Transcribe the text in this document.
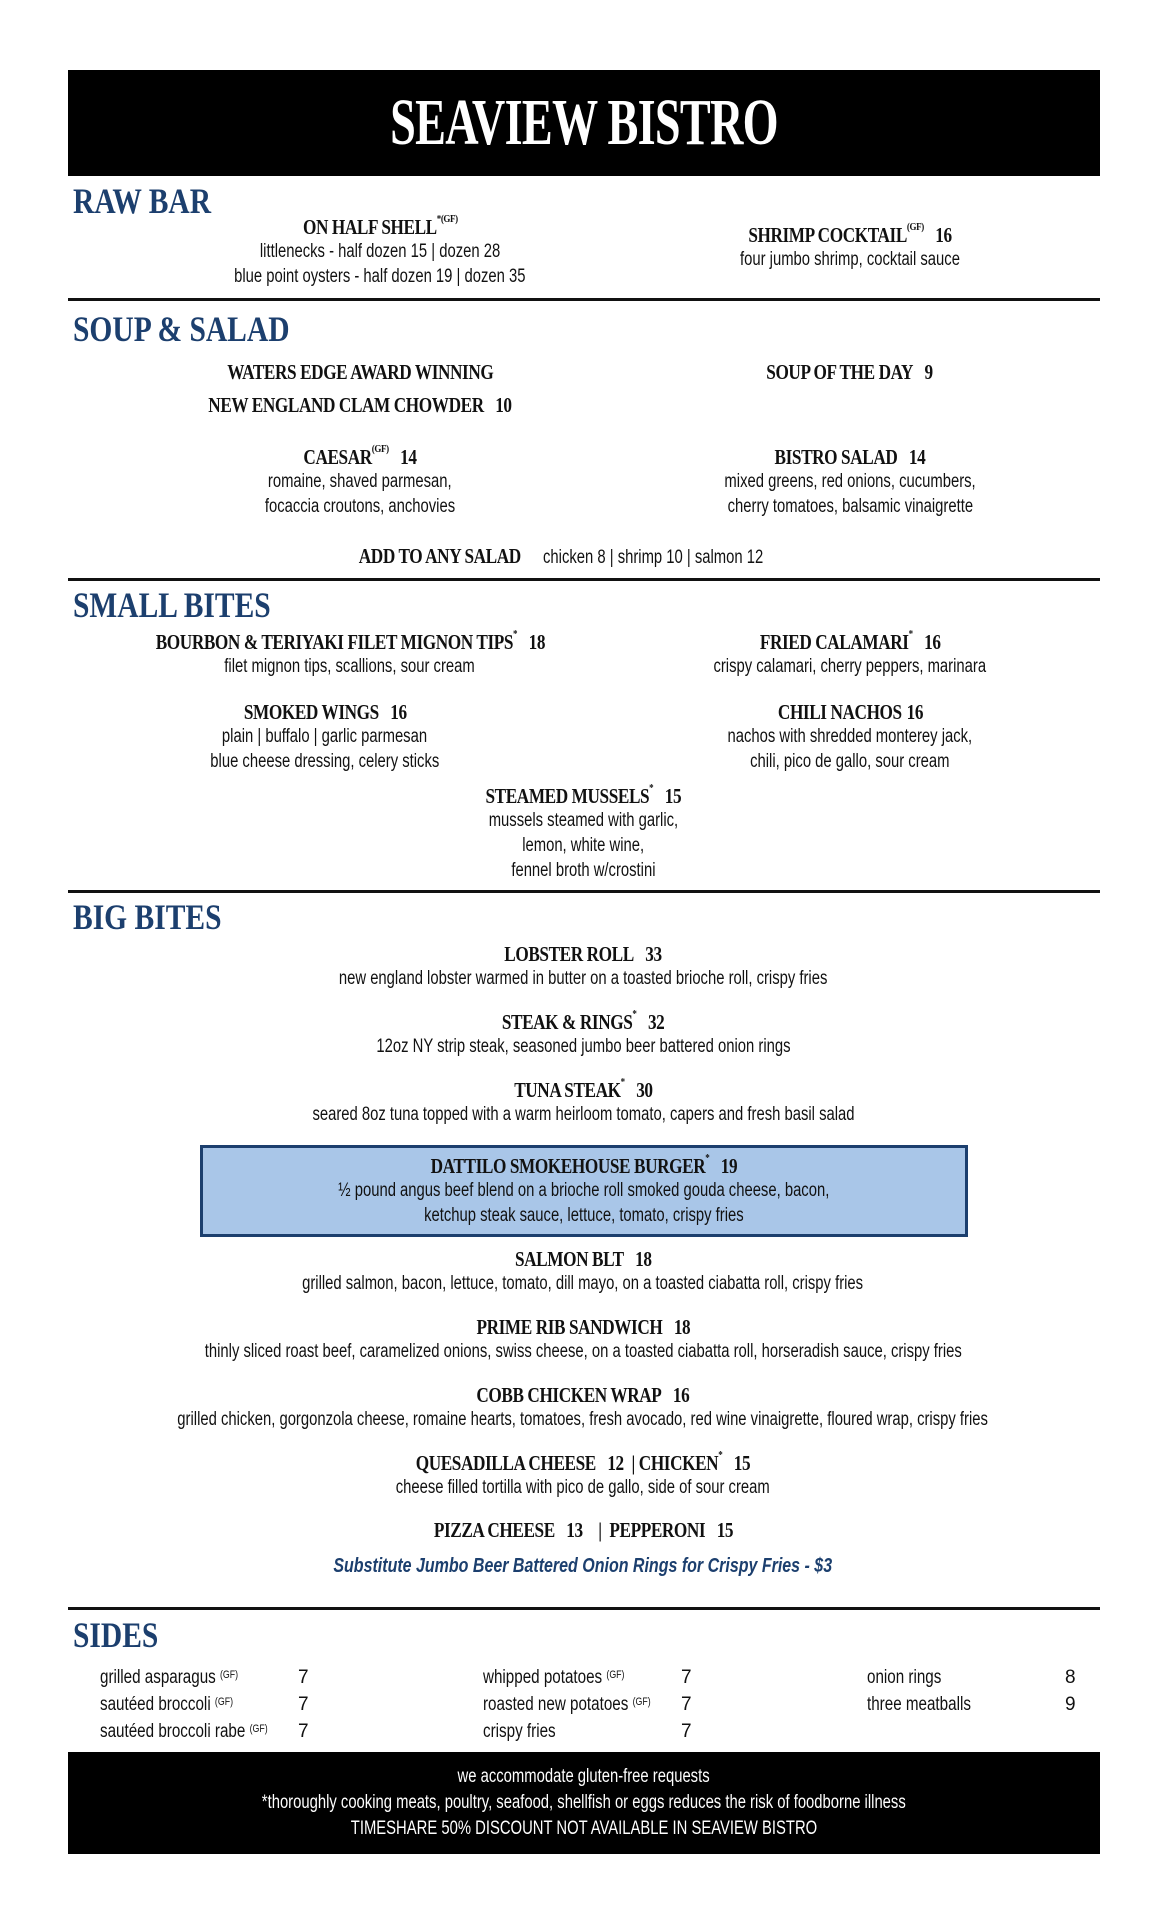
SEAVIEW BISTRO
RAW BAR
ON HALF $SHELL^{*(GF)}$
littlenecks - half dozen 15 | dozen 28
blue point oysters - half dozen 19 | dozen 35
SHRIMP $COCKTAIL^{(GF)}$ 16
four jumbo shrimp, cocktail sauce
SOUP & SALAD
WATERS EDGE AWARD WINNING
NEW ENGLAND CLAM CHOWDER 10
SOUP OF THE DAY 9
$CAESAR^{(GF)}$ 14
romaine, shaved parmesan,
focaccia croutons, anchovies
BISTRO SALAD 14
mixed greens, red onions, cucumbers,
cherry tomatoes, balsamic vinaigrette
ADD TO ANY SALAD chicken 8 | shrimp 10 | salmon 12
SMALL BITES
BOURBON & TERIYAKI FILET MIGNON TIPS* 18
filet mignon tips, scallions, sour cream
FRIED CALAMARI* 16
crispy calamari, cherry peppers, marinara
SMOKED WINGS 16
plain | buffalo | garlic parmesan
blue cheese dressing, celery sticks
CHILI NACHOS 16
nachos with shredded monterey jack,
chili, pico de gallo, sour cream
STEAMED MUSSELS* 15
mussels steamed with garlic,
lemon, white wine,
fennel broth w/crostini
BIG BITES
LOBSTER ROLL 33
new england lobster warmed in butter on a toasted brioche roll, crispy fries
STEAK & RINGS* 32
12oz NY strip steak, seasoned jumbo beer battered onion rings
TUNA STEAK* 30
seared 8oz tuna topped with a warm heirloom tomato, capers and fresh basil salad
DATTILO SMOKEHOUSE BURGER* 19
½ pound angus beef blend on a brioche roll smoked gouda cheese, bacon,
ketchup steak sauce, lettuce, tomato, crispy fries
SALMON BLT 18
grilled salmon, bacon, lettuce, tomato, dill mayo, on a toasted ciabatta roll, crispy fries
PRIME RIB SANDWICH 18
thinly sliced roast beef, caramelized onions, swiss cheese, on a toasted ciabatta roll, horseradish sauce, crispy fries
COBB CHICKEN WRAP 16
grilled chicken, gorgonzola cheese, romaine hearts, tomatoes, fresh avocado, red wine vinaigrette, floured wrap, crispy fries
QUESADILLA CHEESE 12  | CHICKEN* 15
cheese filled tortilla with pico de gallo, side of sour cream
PIZZA CHEESE 13    |  PEPPERONI 15
Substitute Jumbo Beer Battered Onion Rings for Crispy Fries - $3
SIDES
grilled asparagus $^{(GF)}$	7
sautéed broccoli $^{(GF)}$	7
sautéed broccoli rabe $^{(GF)}$ 7
whipped potatoes $^{(GF)}$	7
roasted new potatoes $^{(GF)}$ 7
crispy fries	7
onion rings	8
three meatballs	9
we accommodate gluten-free requests
*thoroughly cooking meats, poultry, seafood, shellfish or eggs reduces the risk of foodborne illness
TIMESHARE 50% DISCOUNT NOT AVAILABLE IN SEAVIEW BISTRO
